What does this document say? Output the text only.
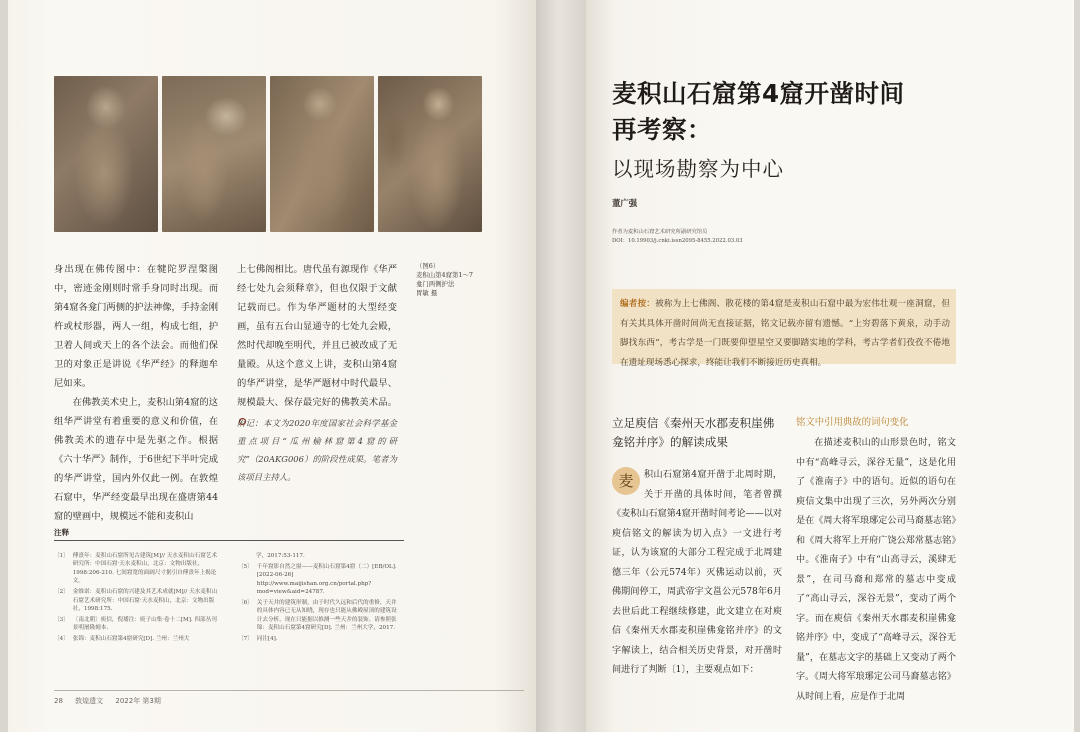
身出现在佛传图中：在犍陀罗涅槃图中，密迹金刚则时常手身同时出现。而第4窟各龛门两侧的护法神像，手持金刚杵或杖形器，两人一组，构成七组，护卫着人间或天上的各个法会。而他们保卫的对象正是讲说《华严经》的释迦牟尼如来。
在佛教美术史上，麦积山第4窟的这组华严讲堂有着重要的意义和价值，在佛教美术的遗存中是先驱之作。根据《六十华严》制作，于6世纪下半叶完成的华严讲堂，国内外仅此一例。在敦煌石窟中，华严经变最早出现在盛唐第44窟的壁画中，规模远不能和麦积山
上七佛阁相比。唐代虽有源现作《华严经七处九会须释章》，但也仅限于文献记载而已。作为华严题材的大型经变画，虽有五台山显通寺的七处九会殿，然时代却晚至明代，并且已被改成了无量殿。从这个意义上讲，麦积山第4窟的华严讲堂，是华严题材中时代最早、规模最大、保存最完好的佛教美术品。

附记：本文为2020年度国家社会科学基金重点项目“瓜州榆林窟第4窟的研究”（20AKG006）的阶段性成果。笔者为该项目主持人。

（图6）
麦积山第4窟第1～7
龛门两侧护法
胃敏 摄
注释
〔1〕 傅熹年：麦积山石窟所见古建筑[M]// 天水麦积山石窟艺术研究所：中国石窟·天水麦积山，北京：文物出版社，1998:206-210. 七间窟宽的面阔尺寸据引自傅熹年上揭论文。
〔2〕 金维诺：麦积山石窟的兴建及其艺术成就[M]// 天水麦积山石窟艺术研究所：中国石窟·天水麦积山，北京：文物出版社，1998:175.
〔3〕 〔南北朝〕庾信，倪璠注：庾子山集·卷十二[M]. 四部丛刊景明屠隆刻本.
〔4〕 张锦：麦积山石窟第4窟研究[D]. 兰州：兰州大
学，2017:53-117.
〔5〕 千年窟影自然之窗——麦积山石窟第4窟（二）[EB/OL]. [2022-06-26] http://www.maijishan.org.cn/portal.php?mod=view&aid=24787.
〔6〕 关于天井的建筑形制，由于时代久远和后代的重修，天井的具体内容已无从知晓，现存也只能从佛殿屋顶的建筑设计去分析，现在只能据以推测一些天井的装饰。请参照张锦：麦积山石窟第4窟研究[D]. 兰州：兰州大学，2017.
〔7〕 同注[4].
28 敦煌遗文 2022年 第3期
麦积山石窟第4窟开凿时间
再考察：
以现场勘察为中心
董广强
作者为麦积山石窟艺术研究所副研究馆员
DOI：10.19903/j.cnki.issn2095-8455.2022.03.03
编者按：被称为上七佛阁、散花楼的第4窟是麦积山石窟中最为宏伟壮观一座洞窟，但有关其具体开凿时间尚无直接证据，铭文记载亦留有遗憾。“上穷碧落下黄泉，动手动脚找东西”，考古学是一门既要仰望星空又要脚踏实地的学科，考古学者们孜孜不倦地在遗址现场悉心探求，终能让我们不断接近历史真相。
立足庾信《秦州天水郡麦积崖佛龛铭并序》的解读成果
积山石窟第4窟开凿于北周时期，关于开凿的具体时间，笔者曾撰《麦积山石窟第4窟开凿时间考论——以对庾信铭文的解读为切入点》一文进行考证，认为该窟的大部分工程完成于北周建德三年（公元574年）灭佛运动以前，灭佛期间停工，周武帝宇文邕公元578年6月去世后此工程继续修建，此文建立在对庾信《秦州天水郡麦积崖佛龛铭并序》的文字解读上，结合相关历史背景，对开凿时间进行了判断〔1〕，主要观点如下：
麦
铭文中引用典故的词句变化
在描述麦积山的山形景色时，铭文中有“高峰寻云，深谷无量”，这是化用了《淮南子》中的语句。近似的语句在庾信文集中出现了三次，另外两次分别是在《周大将军琅琊定公司马裔墓志铭》和《周大将军上开府广饶公郑常墓志铭》中。《淮南子》中有“山高寻云，溪肆无景”，在司马裔和郑常的墓志中变成了“高山寻云，深谷无景”，变动了两个字。而在庾信《秦州天水郡麦积崖佛龛铭并序》中，变成了“高峰寻云，深谷无量”，在墓志文字的基础上又变动了两个字。《周大将军琅琊定公司马裔墓志铭》从时间上看，应是作于北周
